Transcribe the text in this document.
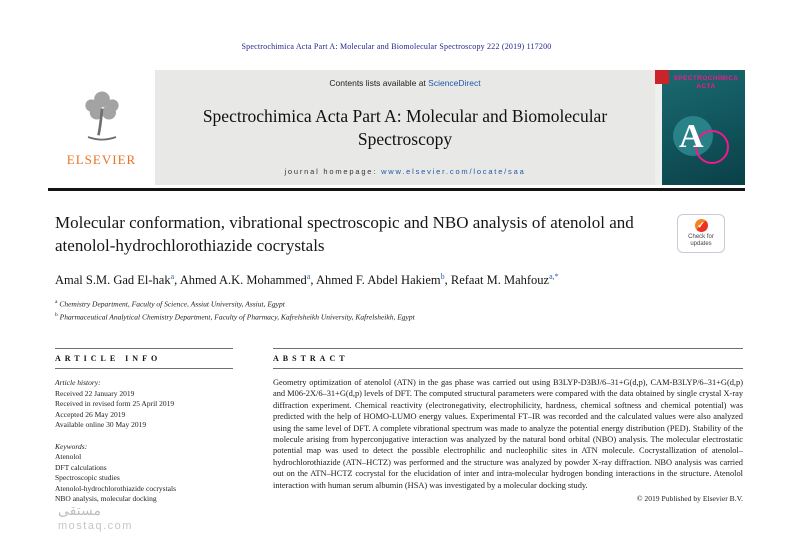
Spectrochimica Acta Part A: Molecular and Biomolecular Spectroscopy 222 (2019) 117200
ELSEVIER
Contents lists available at ScienceDirect
Spectrochimica Acta Part A: Molecular and Biomolecular Spectroscopy
journal homepage: www.elsevier.com/locate/saa
SPECTROCHIMICA
ACTA
A
Molecular conformation, vibrational spectroscopic and NBO analysis of atenolol and atenolol-hydrochlorothiazide cocrystals
✓
Check for updates
Amal S.M. Gad El-hak$^a$, Ahmed A.K. Mohammed$^a$, Ahmed F. Abdel Hakiem$^b$, Refaat M. Mahfouz$^{a,*}$
$^a$ Chemistry Department, Faculty of Science, Assiut University, Assiut, Egypt
$^b$ Pharmaceutical Analytical Chemistry Department, Faculty of Pharmacy, Kafrelsheikh University, Kafrelsheikh, Egypt
ARTICLE INFO
Article history:
Received 22 January 2019
Received in revised form 25 April 2019
Accepted 26 May 2019
Available online 30 May 2019
Keywords:
Atenolol
DFT calculations
Spectroscopic studies
Atenolol-hydrochlorothiazide cocrystals
NBO analysis, molecular docking
ABSTRACT
Geometry optimization of atenolol (ATN) in the gas phase was carried out using B3LYP-D3BJ/6–31+G(d,p), CAM-B3LYP/6–31+G(d,p) and M06-2X/6–31+G(d,p) levels of DFT. The computed structural parameters were compared with the data obtained by single crystal X-ray diffraction experiment. Chemical reactivity (electronegativity, electrophilicity, hardness, chemical softness and chemical potential) was predicted with the help of HOMO-LUMO energy values. Experimental FT–IR was recorded and the calculated values were also analyzed using the same level of DFT. A complete vibrational spectrum was made to analyze the potential energy distribution (PED). Stability of the molecule arising from hyperconjugative interaction was analyzed by the natural bond orbital (NBO) analysis. The molecular electrostatic potential map was used to detect the possible electrophilic and nucleophilic sites in ATN molecule. Cocrystallization of atenolol–hydrochlorothiazide (ATN–HCTZ) was performed and the structure was analyzed by powder X-ray diffraction. NBO analysis was carried out on the ATN–HCTZ cocrystal for the elucidation of inter and intra-molecular hydrogen bonding interactions in the structure. Atenolol interaction with human serum albumin (HSA) was investigated by a molecular docking study.
© 2019 Published by Elsevier B.V.
مستقى
mostaq.com
